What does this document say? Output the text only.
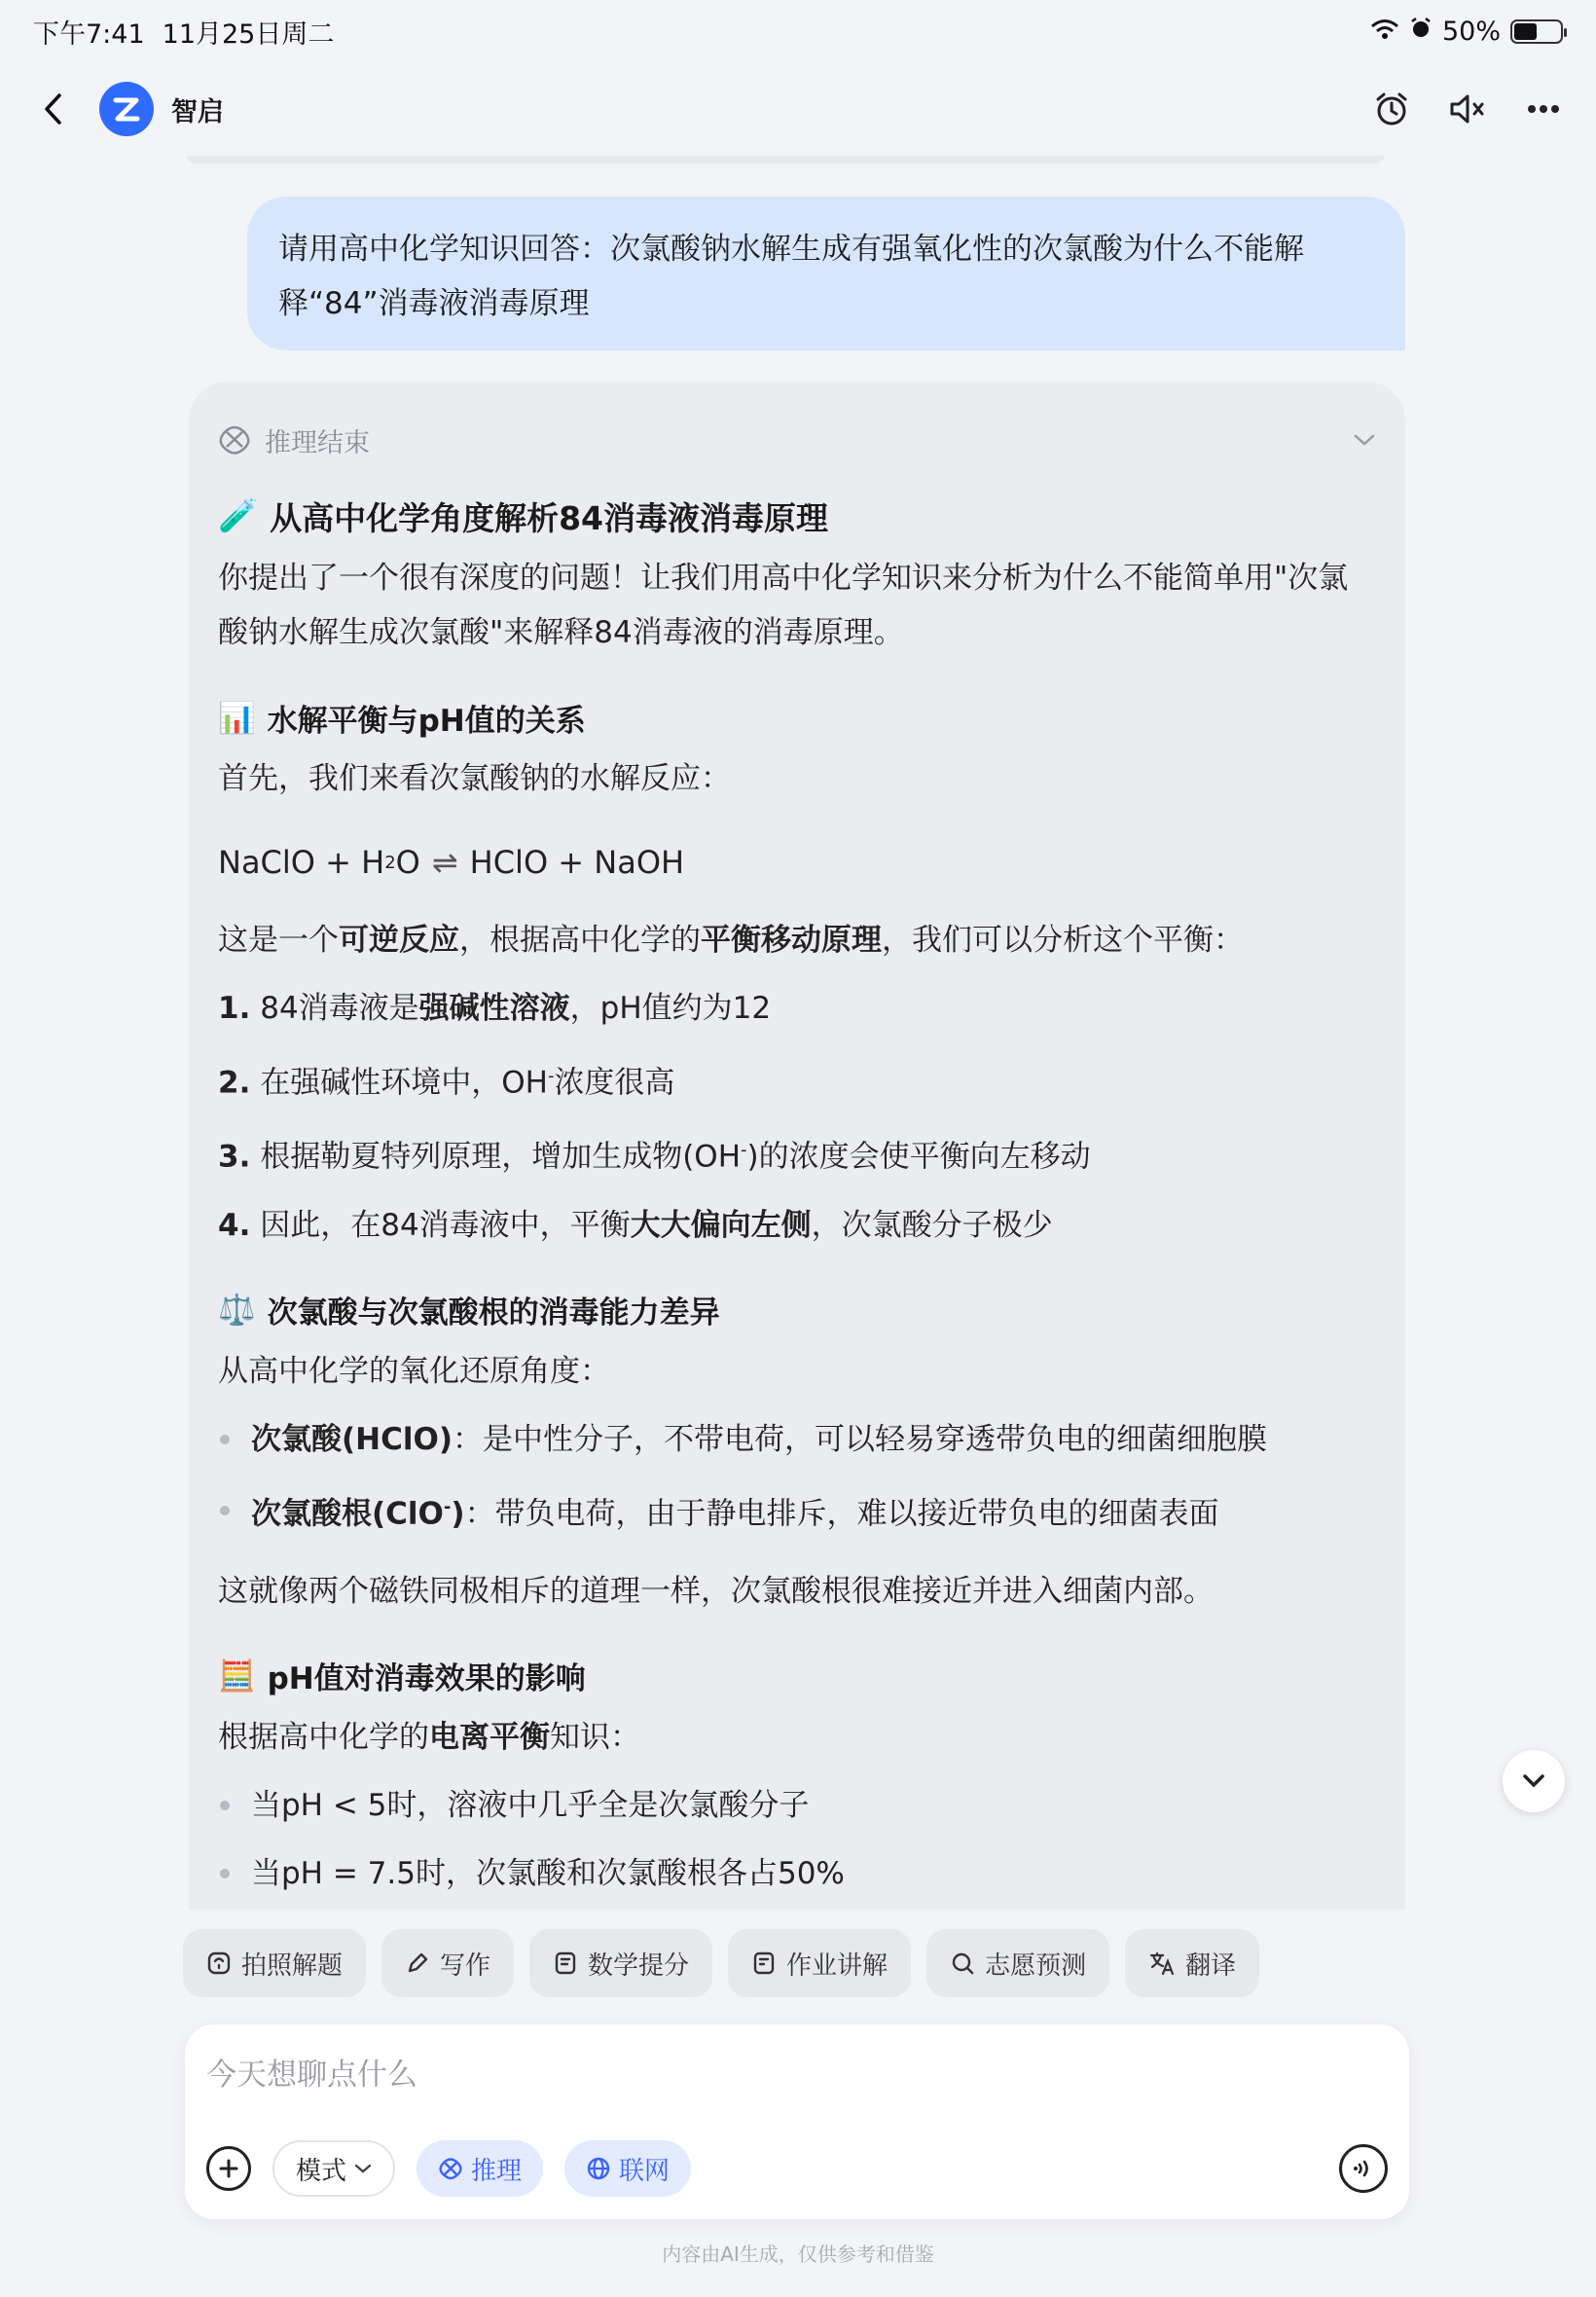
下午7:41 11月25日周二	50%
智启
请用高中化学知识回答：次氯酸钠水解生成有强氧化性的次氯酸为什么不能解释“84”消毒液消毒原理
推理结束
🧪 从高中化学角度解析84消毒液消毒原理
你提出了一个很有深度的问题！让我们用高中化学知识来分析为什么不能简单用"次氯酸钠水解生成次氯酸"来解释84消毒液的消毒原理。
📊 水解平衡与pH值的关系
首先，我们来看次氯酸钠的水解反应：
NaClO + H 2 O ⇌ HClO + NaOH
这是一个可逆反应，根据高中化学的平衡移动原理，我们可以分析这个平衡：
1. 84消毒液是强碱性溶液，pH值约为12
2. 在强碱性环境中，OH-浓度很高
3. 根据勒夏特列原理，增加生成物(OH-)的浓度会使平衡向左移动
4. 因此，在84消毒液中，平衡大大偏向左侧，次氯酸分子极少
⚖️ 次氯酸与次氯酸根的消毒能力差异
从高中化学的氧化还原角度：
次氯酸(HClO)：是中性分子，不带电荷，可以轻易穿透带负电的细菌细胞膜
次氯酸根(ClO-)：带负电荷，由于静电排斥，难以接近带负电的细菌表面
这就像两个磁铁同极相斥的道理一样，次氯酸根很难接近并进入细菌内部。
🧮 pH值对消毒效果的影响
根据高中化学的电离平衡知识：
当pH < 5时，溶液中几乎全是次氯酸分子
当pH = 7.5时，次氯酸和次氯酸根各占50%
拍照解题	写作	数学提分	作业讲解	志愿预测	翻译
今天想聊点什么
模式	推理	联网
内容由AI生成，仅供参考和借鉴
